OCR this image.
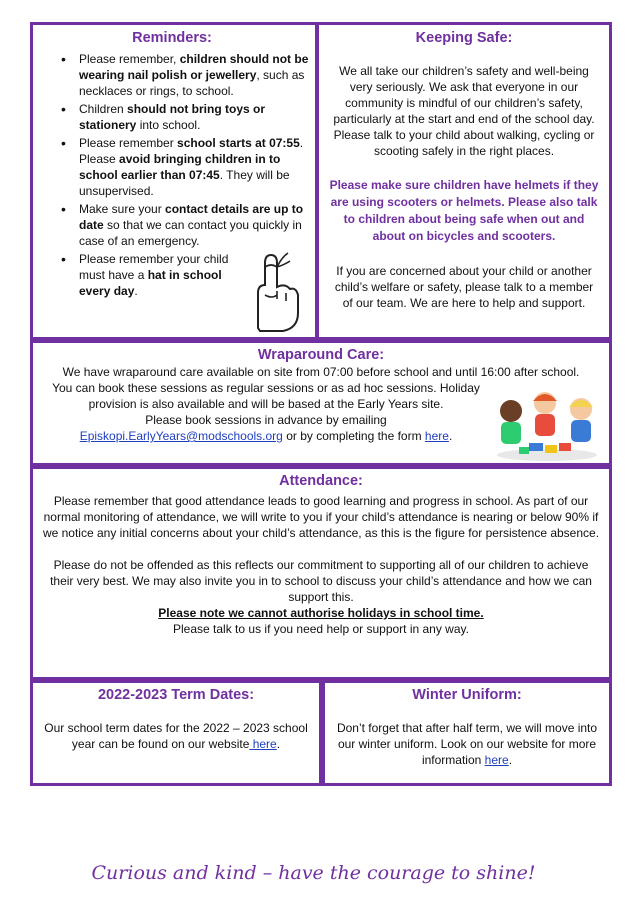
Reminders:

• Please remember, children should not be wearing nail polish or jewellery, such as necklaces or rings, to school.
• Children should not bring toys or stationery into school.
• Please remember school starts at 07:55. Please avoid bringing children in to school earlier than 07:45. They will be unsupervised.
• Make sure your contact details are up to date so that we can contact you quickly in case of an emergency.
• Please remember your child must have a hat in school every day.

Keeping Safe:

We all take our children’s safety and well-being very seriously. We ask that everyone in our community is mindful of our children’s safety, particularly at the start and end of the school day. Please talk to your child about walking, cycling or scooting safely in the right places.

Please make sure children have helmets if they are using scooters or helmets. Please also talk to children about being safe when out and about on bicycles and scooters.

If you are concerned about your child or another child’s welfare or safety, please talk to a member of our team. We are here to help and support.

Wraparound Care:

We have wraparound care available on site from 07:00 before school and until 16:00 after school.

You can book these sessions as regular sessions or as ad hoc sessions. Holiday

provision is also available and will be based at the Early Years site.

Please book sessions in advance by emailing

Episkopi.EarlyYears@modschools.org or by completing the form here.

Attendance:

Please remember that good attendance leads to good learning and progress in school. As part of our normal monitoring of attendance, we will write to you if your child’s attendance is nearing or below 90% if we notice any initial concerns about your child’s attendance, as this is the figure for persistence absence.

Please do not be offended as this reflects our commitment to supporting all of our children to achieve their very best. We may also invite you in to school to discuss your child’s attendance and how we can support this.

Please note we cannot authorise holidays in school time.

Please talk to us if you need help or support in any way.

2022-2023 Term Dates:

Our school term dates for the 2022 – 2023 school year can be found on our website here.

Winter Uniform:

Don’t forget that after half term, we will move into our winter uniform. Look on our website for more information here.

Curious and kind – have the courage to shine!
